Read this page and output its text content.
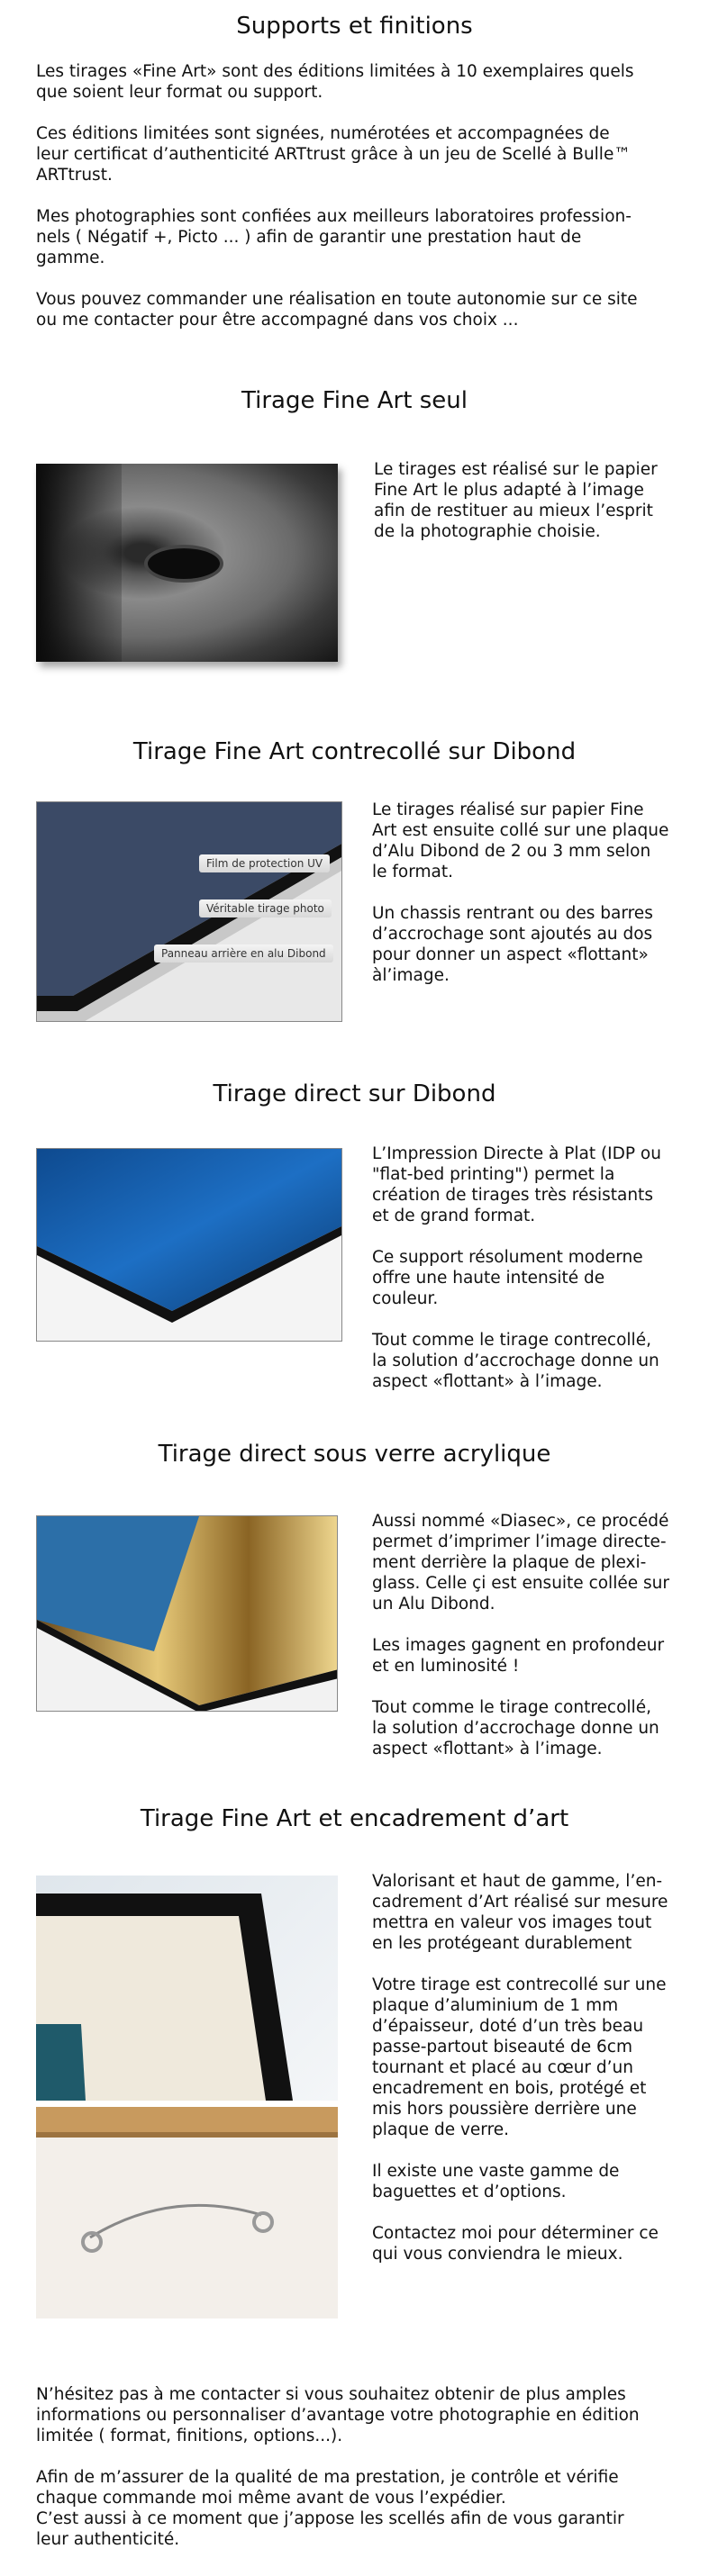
Supports et finitions

Les tirages «Fine Art» sont des éditions limitées à 10 exemplaires quels
que soient leur format ou support.

Ces éditions limitées sont signées, numérotées et accompagnées de
leur certificat d’authenticité ARTtrust grâce à un jeu de Scellé à Bulle™
ARTtrust.

Mes photographies sont confiées aux meilleurs laboratoires profession-
nels ( Négatif +, Picto ... ) afin de garantir une prestation haut de
gamme.

Vous pouvez commander une réalisation en toute autonomie sur ce site
ou me contacter pour être accompagné dans vos choix ...

Tirage Fine Art seul

Le tirages est réalisé sur le papier
Fine Art le plus adapté à l’image
afin de restituer au mieux l’esprit
de la photographie choisie.

Tirage Fine Art contrecollé sur Dibond
Film de protection UV
Véritable tirage photo
Panneau arrière en alu Dibond

Le tirages réalisé sur papier Fine
Art est ensuite collé sur une plaque
d’Alu Dibond de 2 ou 3 mm selon
le format.

Un chassis rentrant ou des barres
d’accrochage sont ajoutés au dos
pour donner un aspect «flottant»
àl’image.

Tirage direct sur Dibond

L’Impression Directe à Plat (IDP ou
"flat-bed printing") permet la
création de tirages très résistants
et de grand format.

Ce support résolument moderne
offre une haute intensité de
couleur.

Tout comme le tirage contrecollé,
la solution d’accrochage donne un
aspect «flottant» à l’image.

Tirage direct sous verre acrylique

Aussi nommé «Diasec», ce procédé
permet d’imprimer l’image directe-
ment derrière la plaque de plexi-
glass. Celle çi est ensuite collée sur
un Alu Dibond.

Les images gagnent en profondeur
et en luminosité !

Tout comme le tirage contrecollé,
la solution d’accrochage donne un
aspect «flottant» à l’image.

Tirage Fine Art et encadrement d’art

Valorisant et haut de gamme, l’en-
cadrement d’Art réalisé sur mesure
mettra en valeur vos images tout
en les protégeant durablement

Votre tirage est contrecollé sur une
plaque d’aluminium de 1 mm
d’épaisseur, doté d’un très beau
passe-partout biseauté de 6cm
tournant et placé au cœur d’un
encadrement en bois, protégé et
mis hors poussière derrière une
plaque de verre.

Il existe une vaste gamme de
baguettes et d’options.

Contactez moi pour déterminer ce
qui vous conviendra le mieux.

N’hésitez pas à me contacter si vous souhaitez obtenir de plus amples
informations ou personnaliser d’avantage votre photographie en édition
limitée ( format, finitions, options...).

Afin de m’assurer de la qualité de ma prestation, je contrôle et vérifie
chaque commande moi même avant de vous l’expédier.
C’est aussi à ce moment que j’appose les scellés afin de vous garantir
leur authenticité.
